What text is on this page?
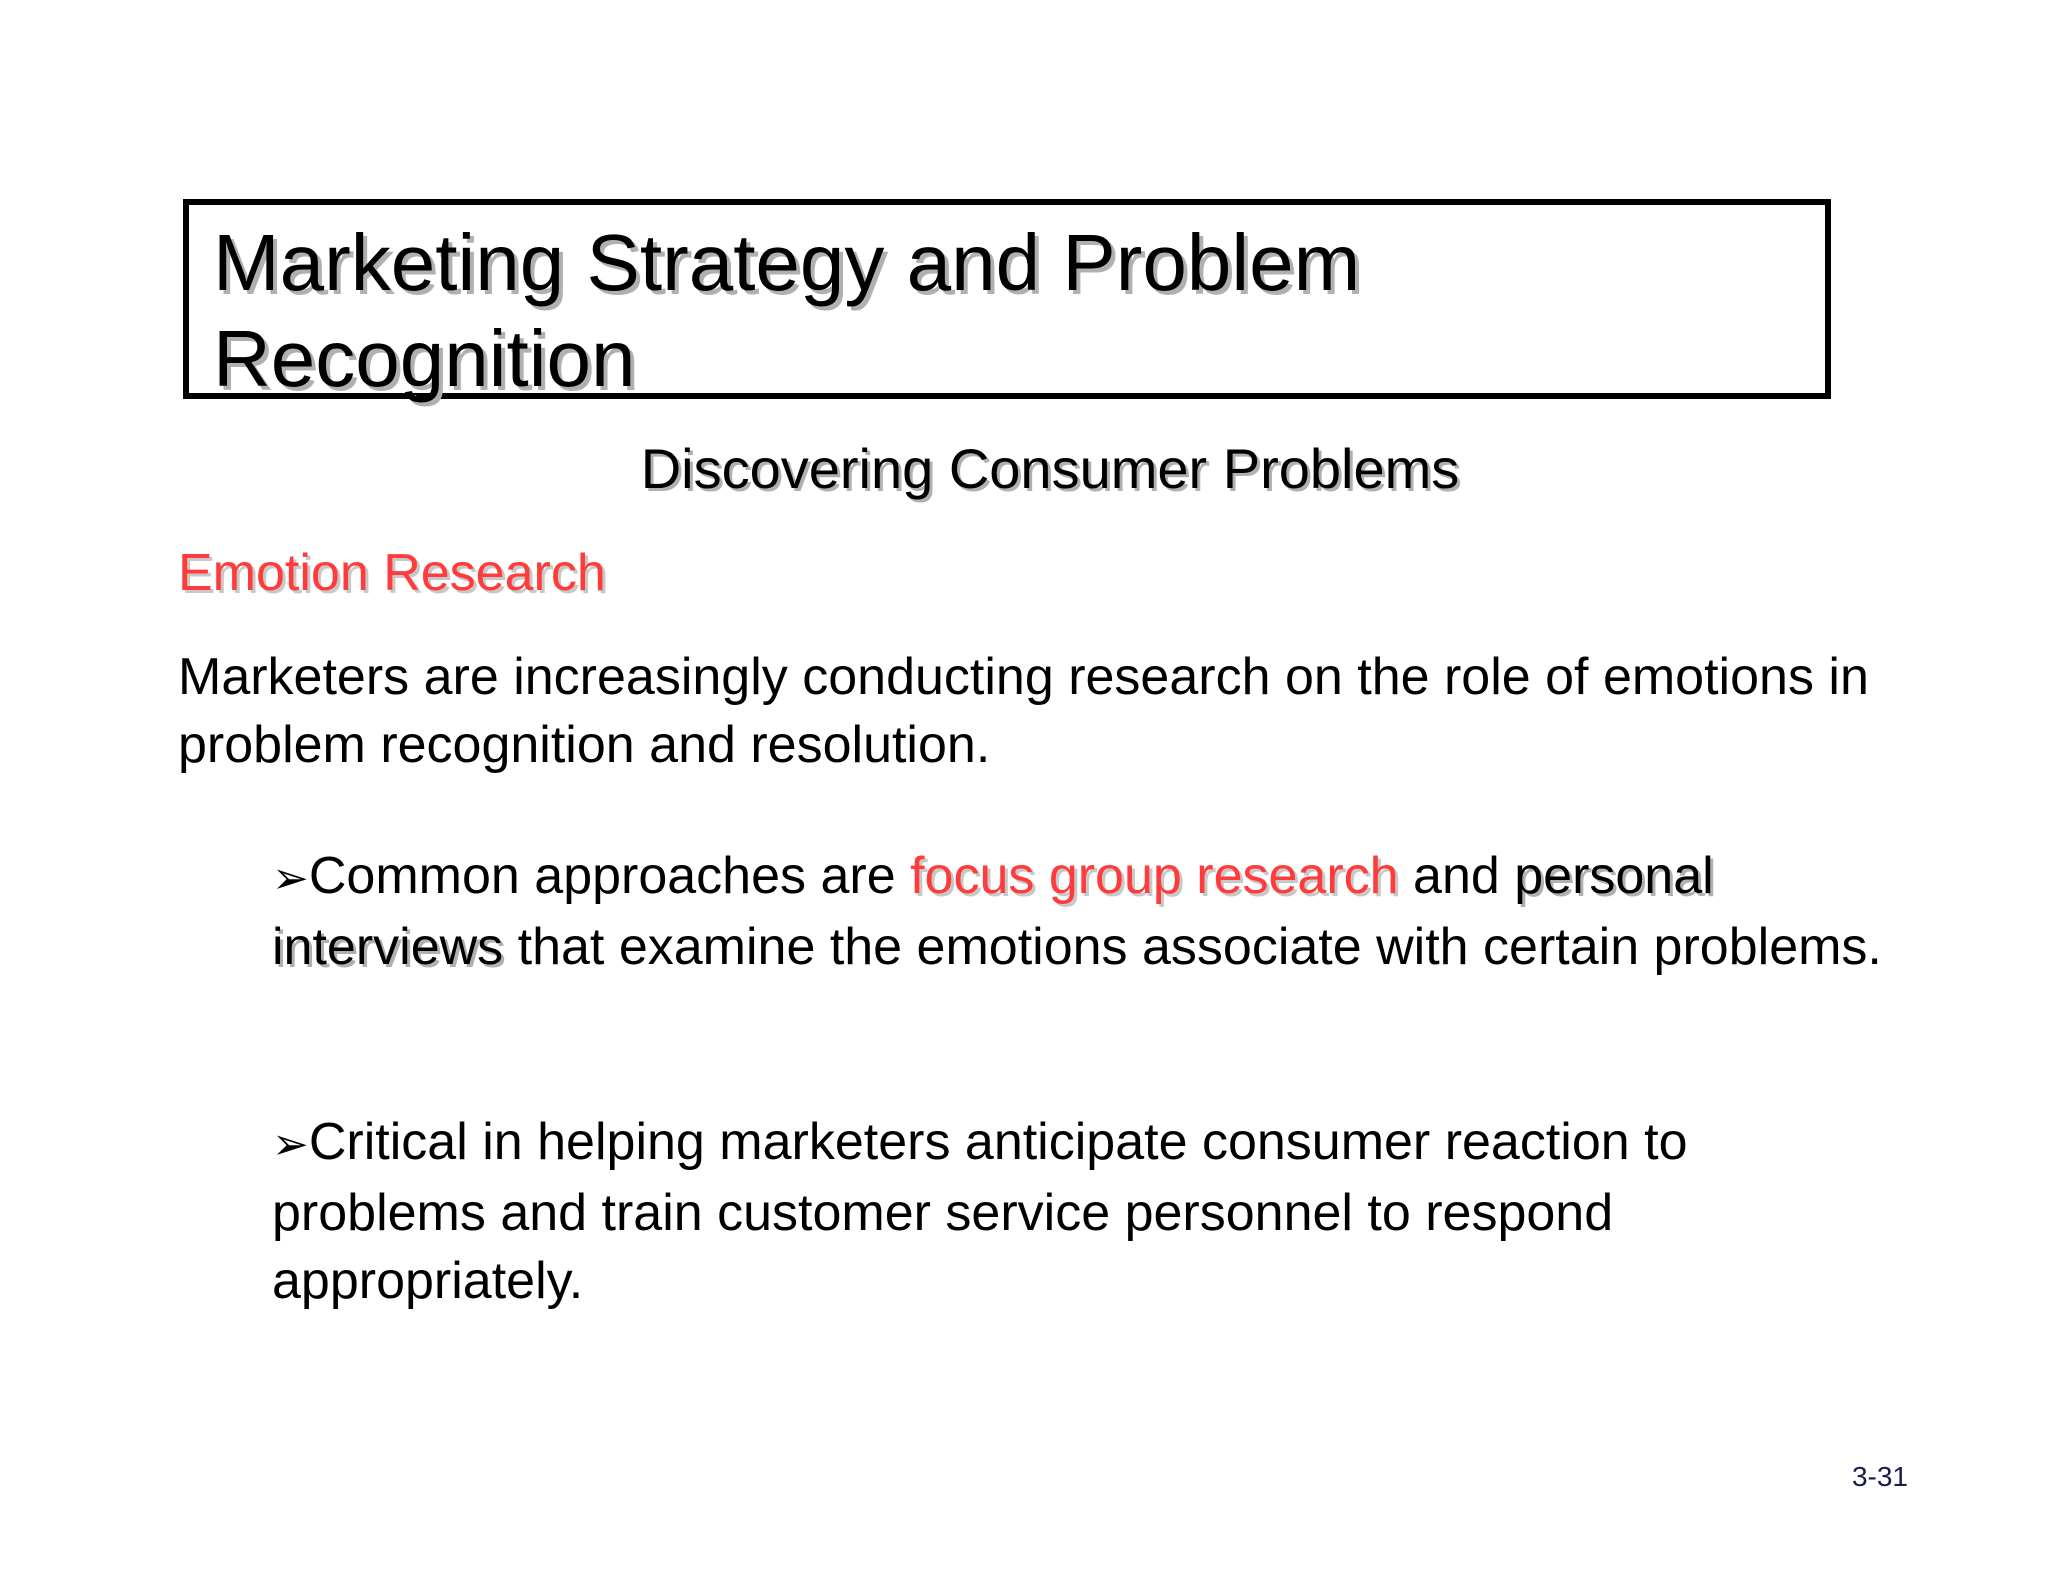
Marketing Strategy and Problem
Recognition
Discovering Consumer Problems
Emotion Research
Marketers are increasingly conducting research on the role of emotions in problem recognition and resolution.
➢Common approaches are focus group research and personal interviews that examine the emotions associate with certain problems.
➢Critical in helping marketers anticipate consumer reaction to problems and train customer service personnel to respond appropriately.
3-31
